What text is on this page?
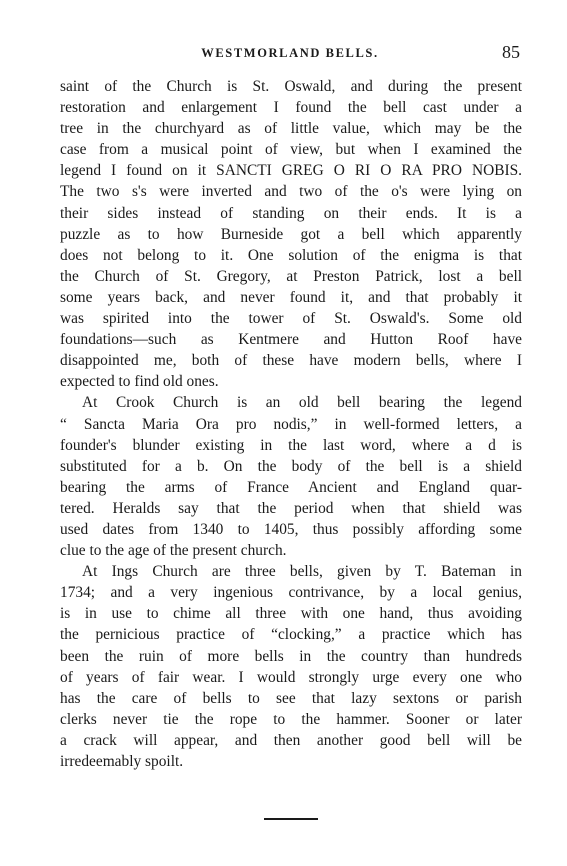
WESTMORLAND BELLS.	85
saint of the Church is St. Oswald, and during the present
restoration and enlargement I found the bell cast under a
tree in the churchyard as of little value, which may be the
case from a musical point of view, but when I examined the
legend I found on it SANCTI GREG O RI O RA PRO NOBIS.
The two s's were inverted and two of the o's were lying on
their sides instead of standing on their ends. It is a
puzzle as to how Burneside got a bell which apparently
does not belong to it. One solution of the enigma is that
the Church of St. Gregory, at Preston Patrick, lost a bell
some years back, and never found it, and that probably it
was spirited into the tower of St. Oswald's. Some old
foundations—such as Kentmere and Hutton Roof have
disappointed me, both of these have modern bells, where I
expected to find old ones.
At Crook Church is an old bell bearing the legend
“ Sancta Maria Ora pro nodis,” in well-formed letters, a
founder's blunder existing in the last word, where a d is
substituted for a b. On the body of the bell is a shield
bearing the arms of France Ancient and England quar-
tered. Heralds say that the period when that shield was
used dates from 1340 to 1405, thus possibly affording some
clue to the age of the present church.
At Ings Church are three bells, given by T. Bateman in
1734; and a very ingenious contrivance, by a local genius,
is in use to chime all three with one hand, thus avoiding
the pernicious practice of “clocking,” a practice which has
been the ruin of more bells in the country than hundreds
of years of fair wear. I would strongly urge every one who
has the care of bells to see that lazy sextons or parish
clerks never tie the rope to the hammer. Sooner or later
a crack will appear, and then another good bell will be
irredeemably spoilt.
